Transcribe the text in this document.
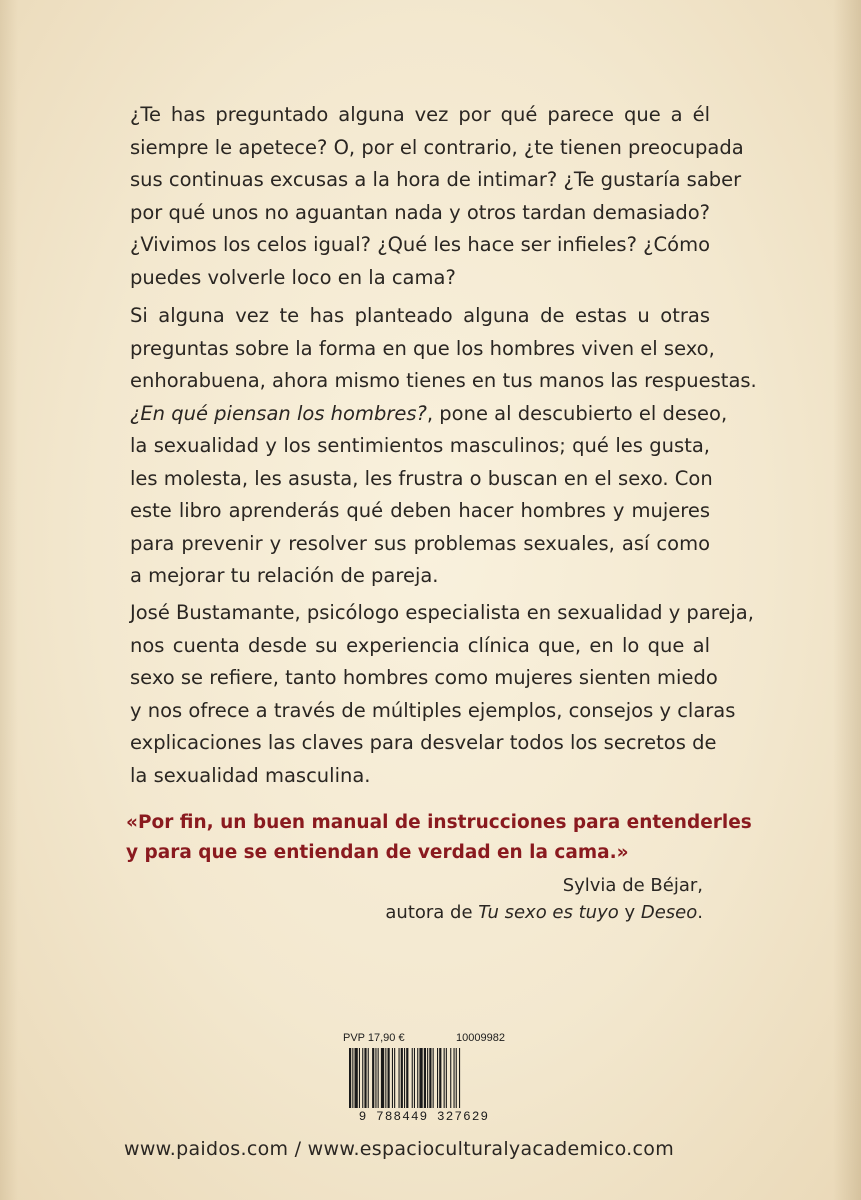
¿Te has preguntado alguna vez por qué parece que a él
siempre le apetece? O, por el contrario, ¿te tienen preocupada
sus continuas excusas a la hora de intimar? ¿Te gustaría saber
por qué unos no aguantan nada y otros tardan demasiado?
¿Vivimos los celos igual? ¿Qué les hace ser infieles? ¿Cómo
puedes volverle loco en la cama?

Si alguna vez te has planteado alguna de estas u otras
preguntas sobre la forma en que los hombres viven el sexo,
enhorabuena, ahora mismo tienes en tus manos las respuestas.
¿En qué piensan los hombres?, pone al descubierto el deseo,
la sexualidad y los sentimientos masculinos; qué les gusta,
les molesta, les asusta, les frustra o buscan en el sexo. Con
este libro aprenderás qué deben hacer hombres y mujeres
para prevenir y resolver sus problemas sexuales, así como
a mejorar tu relación de pareja.

José Bustamante, psicólogo especialista en sexualidad y pareja,
nos cuenta desde su experiencia clínica que, en lo que al
sexo se refiere, tanto hombres como mujeres sienten miedo
y nos ofrece a través de múltiples ejemplos, consejos y claras
explicaciones las claves para desvelar todos los secretos de
la sexualidad masculina.

«Por fin, un buen manual de instrucciones para entenderles
y para que se entiendan de verdad en la cama.»
Sylvia de Béjar,
autora de Tu sexo es tuyo y Deseo.
PVP 17,90 €	10009982
9 788449 327629
www.paidos.com / www.espacioculturalyacademico.com
